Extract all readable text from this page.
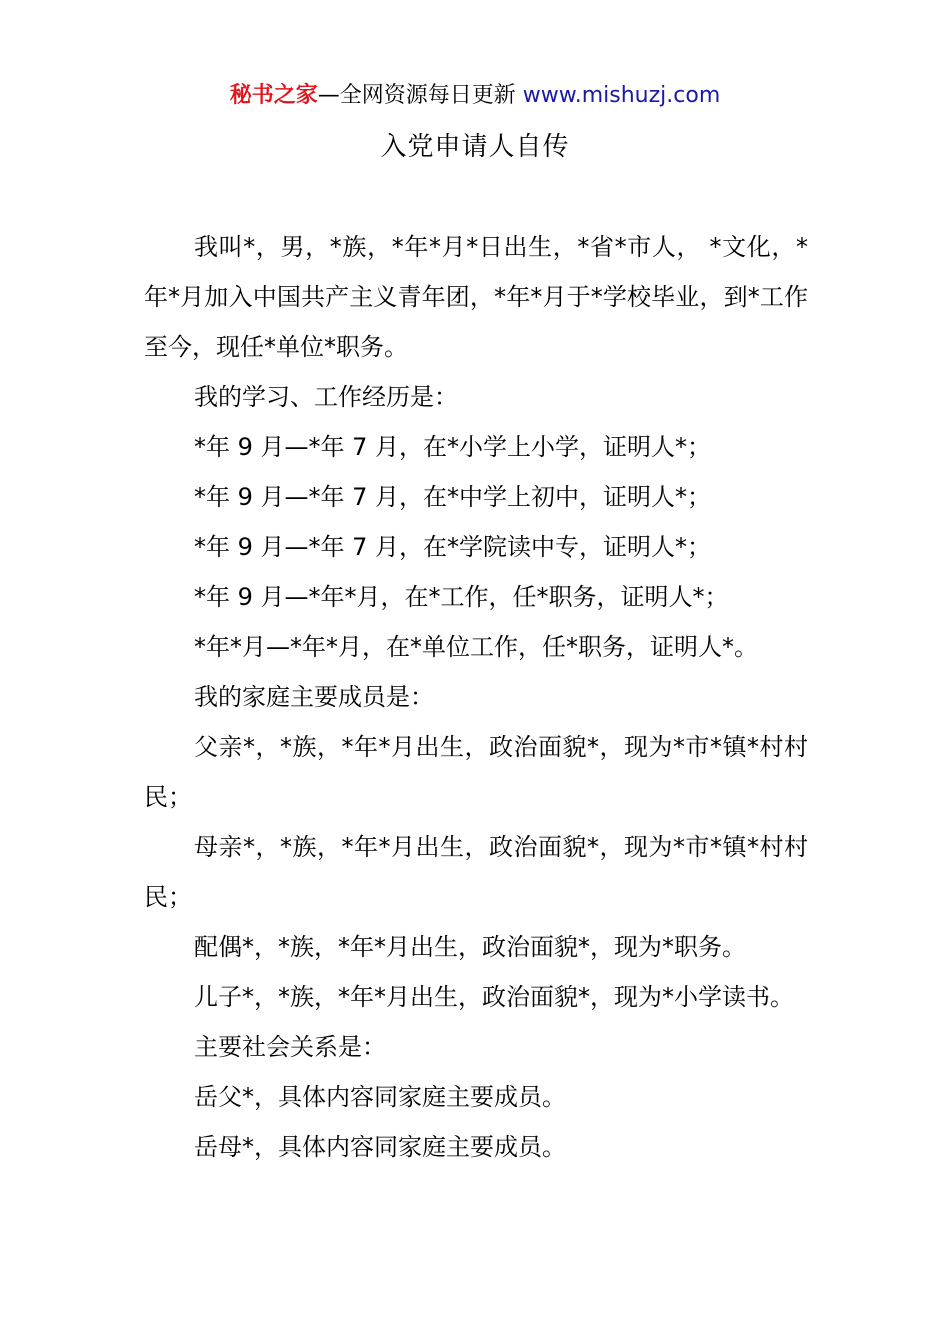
秘书之家—全网资源每日更新 www.mishuzj.com
入党申请人自传

我叫*，男，*族，*年*月*日出生，*省*市人， *文化，*年*月加入中国共产主义青年团，*年*月于*学校毕业，到*工作至今，现任*单位*职务。

我的学习、工作经历是：

*年 9 月—*年 7 月，在*小学上小学，证明人*；

*年 9 月—*年 7 月，在*中学上初中，证明人*；

*年 9 月—*年 7 月，在*学院读中专，证明人*；

*年 9 月—*年*月，在*工作，任*职务，证明人*；

*年*月—*年*月，在*单位工作，任*职务，证明人*。

我的家庭主要成员是：

父亲*，*族，*年*月出生，政治面貌*，现为*市*镇*村村民；

母亲*，*族，*年*月出生，政治面貌*，现为*市*镇*村村民；

配偶*，*族，*年*月出生，政治面貌*，现为*职务。

儿子*，*族，*年*月出生，政治面貌*，现为*小学读书。

主要社会关系是：

岳父*，具体内容同家庭主要成员。

岳母*，具体内容同家庭主要成员。
